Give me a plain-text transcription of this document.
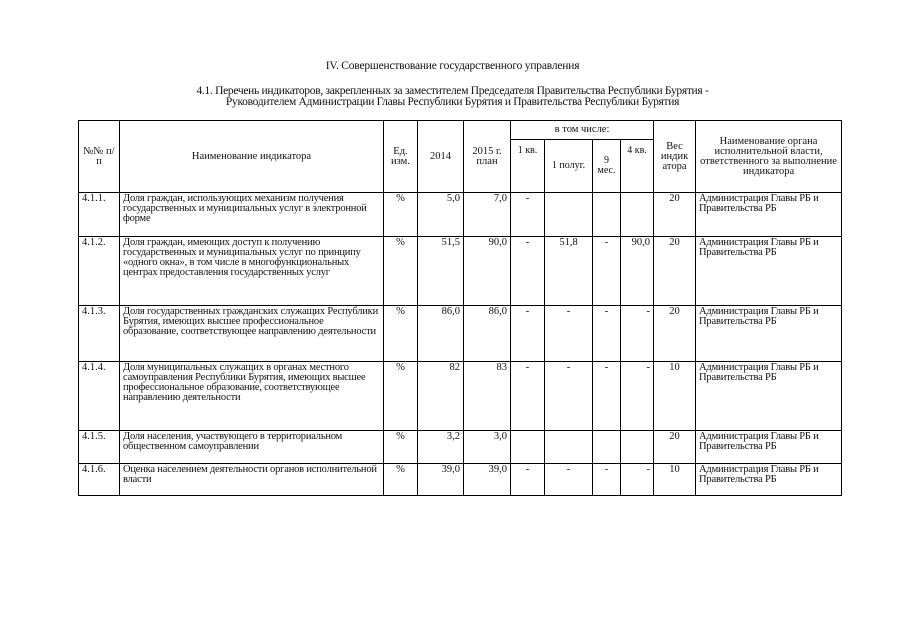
IV. Совершенствование государственного управления
4.1. Перечень индикаторов, закрепленных за заместителем Председателя Правительства Республики Бурятия -
Руководителем Администрации Главы Республики Бурятия и Правительства Республики Бурятия
№№ п/п	Наименование индикатора	Ед. изм.	2014	2015 г. план	в том числе:				Вес индик атора	Наименование органа исполнительной власти, ответственного за выполнение индикатора
					1 кв.	1 полуг.	9 мес.	4 кв.		
4.1.1.	Доля граждан, использующих механизм получения государственных и муниципальных услуг в электронной форме	%	5,0	7,0	-				20	Администрация Главы РБ и Правительства РБ
4.1.2.	Доля граждан, имеющих доступ к получению государственных и муниципальных услуг по принципу «одного окна», в том числе в многофункциональных центрах предоставления государственных услуг	%	51,5	90,0	-	51,8	-	90,0	20	Администрация Главы РБ и Правительства РБ
4.1.3.	Доля государственных гражданских служащих Республики Бурятия, имеющих высшее профессиональное образование, соответствующее направлению деятельности	%	86,0	86,0	-	-	-	-	20	Администрация Главы РБ и Правительства РБ
4.1.4.	Доля муниципальных служащих в органах местного самоуправления Республики Бурятия, имеющих высшее профессиональное образование, соответствующее направлению деятельности	%	82	83	-	-	-	-	10	Администрация Главы РБ и Правительства РБ
4.1.5.	Доля населения, участвующего в территориальном общественном самоуправлении	%	3,2	3,0					20	Администрация Главы РБ и Правительства РБ
4.1.6.	Оценка населением деятельности органов исполнительной власти	%	39,0	39,0	-	-	-	-	10	Администрация Главы РБ и Правительства РБ
